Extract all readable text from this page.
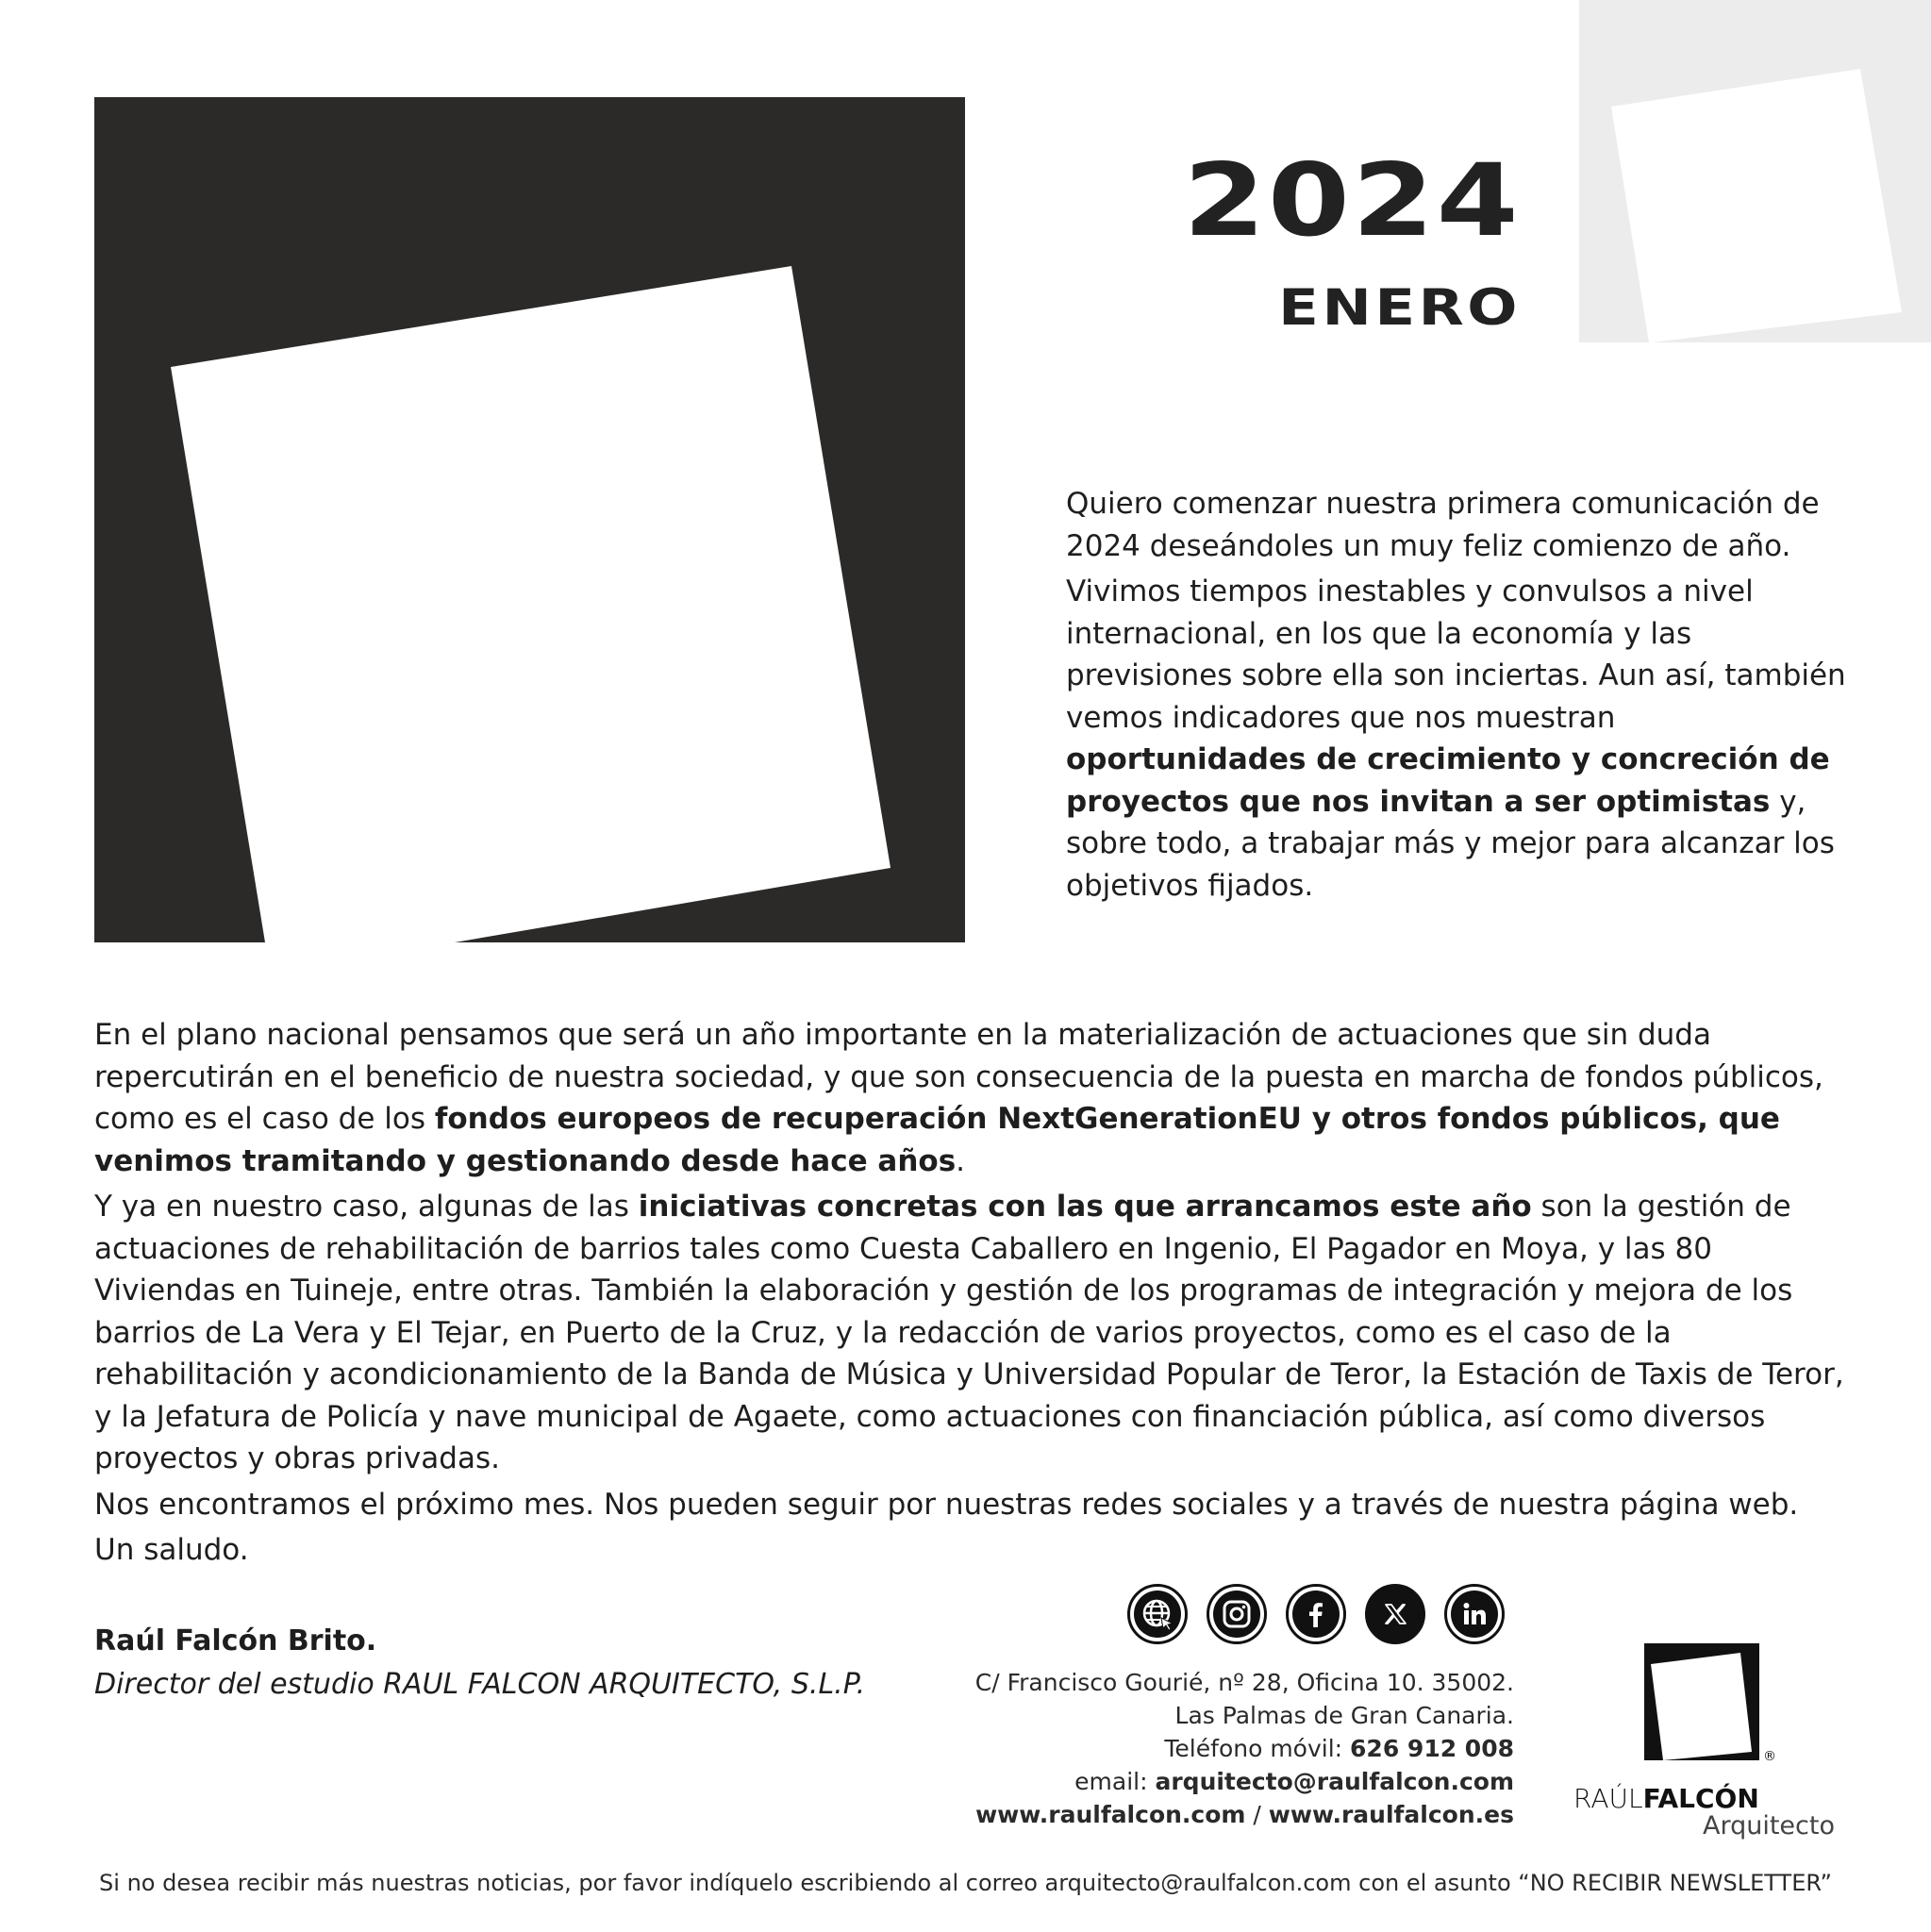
2024
ENERO

Quiero comenzar nuestra primera comunicación de 2024 deseándoles un muy feliz comienzo de año.

Vivimos tiempos inestables y convulsos a nivel internacional, en los que la economía y las previsiones sobre ella son inciertas. Aun así, también vemos indicadores que nos muestran oportunidades de crecimiento y concreción de proyectos que nos invitan a ser optimistas y, sobre todo, a trabajar más y mejor para alcanzar los objetivos fijados.

En el plano nacional pensamos que será un año importante en la materialización de actuaciones que sin duda repercutirán en el beneficio de nuestra sociedad, y que son consecuencia de la puesta en marcha de fondos públicos, como es el caso de los fondos europeos de recuperación NextGenerationEU y otros fondos públicos, que venimos tramitando y gestionando desde hace años.

Y ya en nuestro caso, algunas de las iniciativas concretas con las que arrancamos este año son la gestión de actuaciones de rehabilitación de barrios tales como Cuesta Caballero en Ingenio, El Pagador en Moya, y las 80 Viviendas en Tuineje, entre otras. También la elaboración y gestión de los programas de integración y mejora de los barrios de La Vera y El Tejar, en Puerto de la Cruz, y la redacción de varios proyectos, como es el caso de la rehabilitación y acondicionamiento de la Banda de Música y Universidad Popular de Teror, la Estación de Taxis de Teror, y la Jefatura de Policía y nave municipal de Agaete, como actuaciones con financiación pública, así como diversos proyectos y obras privadas.

Nos encontramos el próximo mes. Nos pueden seguir por nuestras redes sociales y a través de nuestra página web.

Un saludo.

Raúl Falcón Brito.
Director del estudio RAUL FALCON ARQUITECTO, S.L.P.	C/ Francisco Gourié, nº 28, Oficina 10. 35002.
Las Palmas de Gran Canaria.
Teléfono móvil: 626 912 008
email: arquitecto@raulfalcon.com
www.raulfalcon.com / www.raulfalcon.es
®
RAÚLFALCÓN
Arquitecto
Si no desea recibir más nuestras noticias, por favor indíquelo escribiendo al correo arquitecto@raulfalcon.com con el asunto “NO RECIBIR NEWSLETTER”
